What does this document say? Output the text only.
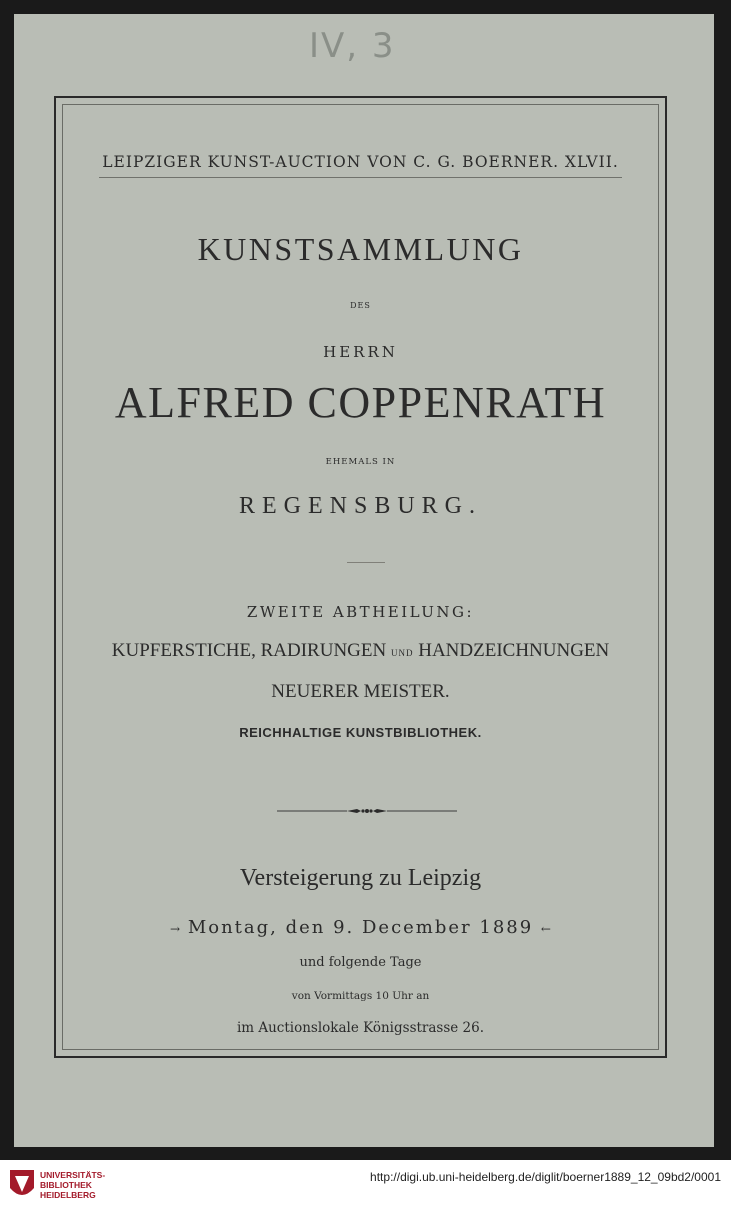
IV, 3
LEIPZIGER KUNST-AUCTION VON C. G. BOERNER. XLVII.
KUNSTSAMMLUNG
DES
HERRN
ALFRED COPPENRATH
EHEMALS IN
REGENSBURG.
ZWEITE ABTHEILUNG:
KUPFERSTICHE, RADIRUNGEN UND HANDZEICHNUNGEN
NEUERER MEISTER.
REICHHALTIGE KUNSTBIBLIOTHEK.
Versteigerung zu Leipzig
→ Montag, den 9. December 1889 ←
und folgende Tage
von Vormittags 10 Uhr an
im Auctionslokale Königsstrasse 26.
UNIVERSITÄTS-
BIBLIOTHEK
HEIDELBERG
http://digi.ub.uni-heidelberg.de/diglit/boerner1889_12_09bd2/0001
